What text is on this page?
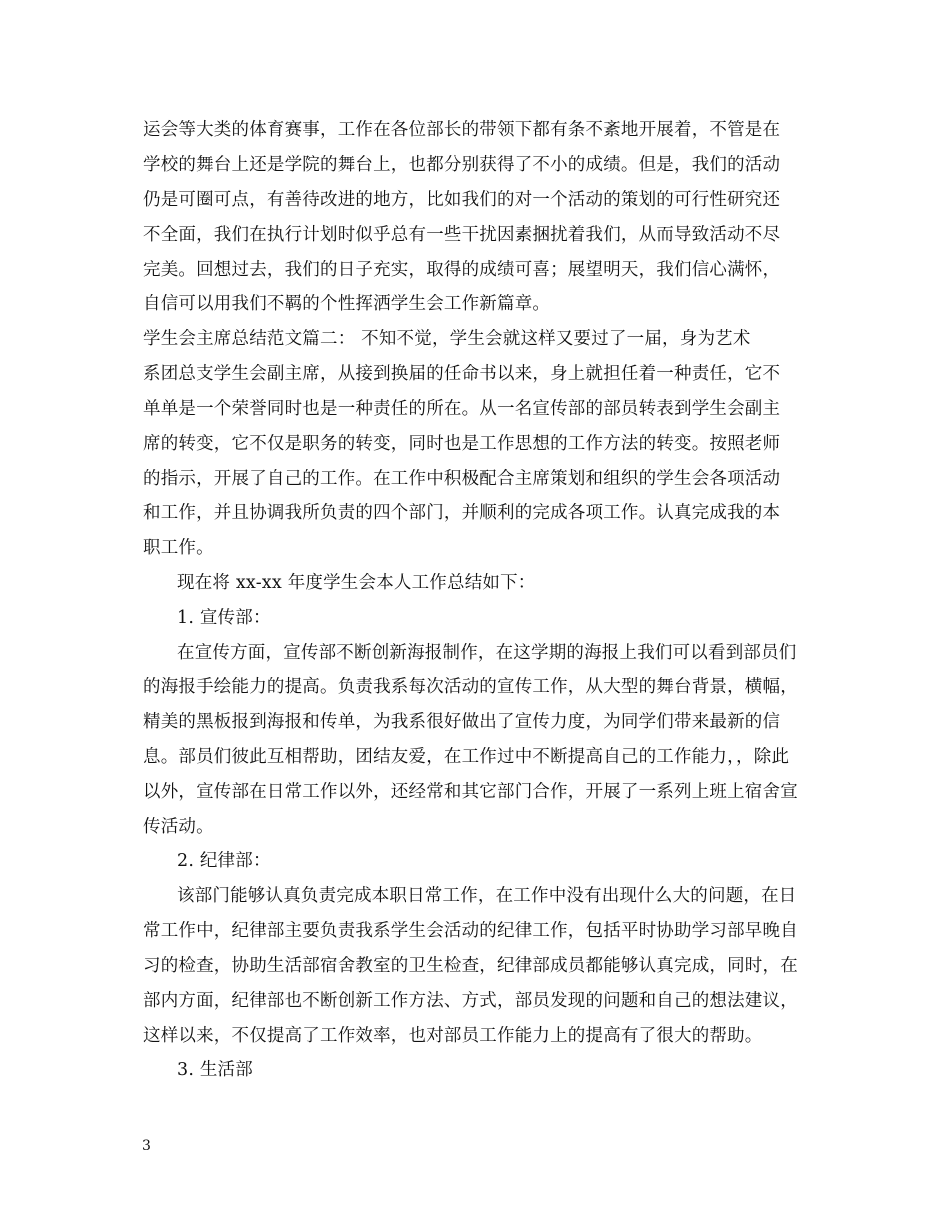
运会等大类的体育赛事，工作在各位部长的带领下都有条不紊地开展着，不管是在
学校的舞台上还是学院的舞台上，也都分别获得了不小的成绩。但是，我们的活动
仍是可圈可点，有善待改进的地方，比如我们的对一个活动的策划的可行性研究还
不全面，我们在执行计划时似乎总有一些干扰因素捆扰着我们，从而导致活动不尽
完美。回想过去，我们的日子充实，取得的成绩可喜；展望明天，我们信心满怀，
自信可以用我们不羁的个性挥洒学生会工作新篇章。
学生会主席总结范文篇二： 不知不觉，学生会就这样又要过了一届，身为艺术
系团总支学生会副主席，从接到换届的任命书以来，身上就担任着一种责任，它不
单单是一个荣誉同时也是一种责任的所在。从一名宣传部的部员转表到学生会副主
席的转变，它不仅是职务的转变，同时也是工作思想的工作方法的转变。按照老师
的指示，开展了自己的工作。在工作中积极配合主席策划和组织的学生会各项活动
和工作，并且协调我所负责的四个部门，并顺利的完成各项工作。认真完成我的本
职工作。
现在将 xx-xx 年度学生会本人工作总结如下：
1. 宣传部：
在宣传方面，宣传部不断创新海报制作，在这学期的海报上我们可以看到部员们
的海报手绘能力的提高。负责我系每次活动的宣传工作，从大型的舞台背景，横幅，
精美的黑板报到海报和传单，为我系很好做出了宣传力度，为同学们带来最新的信
息。部员们彼此互相帮助，团结友爱，在工作过中不断提高自己的工作能力，，除此
以外，宣传部在日常工作以外，还经常和其它部门合作，开展了一系列上班上宿舍宣
传活动。
2. 纪律部：
该部门能够认真负责完成本职日常工作，在工作中没有出现什么大的问题，在日
常工作中，纪律部主要负责我系学生会活动的纪律工作，包括平时协助学习部早晚自
习的检查，协助生活部宿舍教室的卫生检查，纪律部成员都能够认真完成，同时，在
部内方面，纪律部也不断创新工作方法、方式，部员发现的问题和自己的想法建议，
这样以来，不仅提高了工作效率，也对部员工作能力上的提高有了很大的帮助。
3. 生活部
3
